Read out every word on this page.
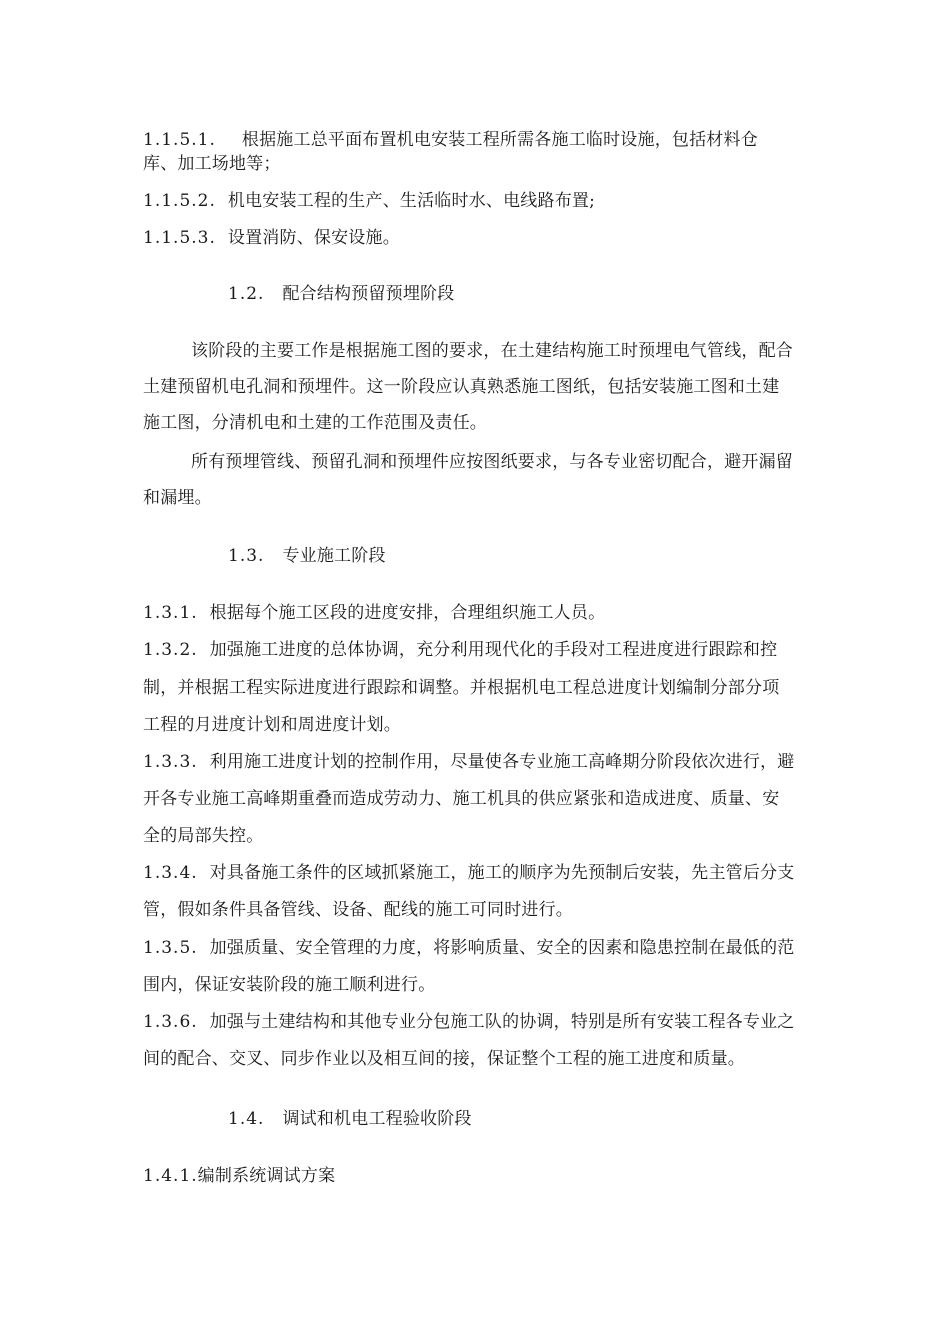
1.1.5.1. 根据施工总平面布置机电安装工程所需各施工临时设施，包括材料仓
库、加工场地等；
1.1.5.2. 机电安装工程的生产、生活临时水、电线路布置;
1.1.5.3. 设置消防、保安设施。
1.2. 配合结构预留预埋阶段
该阶段的主要工作是根据施工图的要求，在土建结构施工时预埋电气管线，配合
土建预留机电孔洞和预埋件。这一阶段应认真熟悉施工图纸，包括安装施工图和土建
施工图，分清机电和土建的工作范围及责任。
所有预埋管线、预留孔洞和预埋件应按图纸要求，与各专业密切配合，避开漏留
和漏埋。
1.3. 专业施工阶段
1.3.1. 根据每个施工区段的进度安排，合理组织施工人员。
1.3.2. 加强施工进度的总体协调，充分利用现代化的手段对工程进度进行跟踪和控
制，并根据工程实际进度进行跟踪和调整。并根据机电工程总进度计划编制分部分项
工程的月进度计划和周进度计划。
1.3.3. 利用施工进度计划的控制作用，尽量使各专业施工高峰期分阶段依次进行，避
开各专业施工高峰期重叠而造成劳动力、施工机具的供应紧张和造成进度、质量、安
全的局部失控。
1.3.4. 对具备施工条件的区域抓紧施工，施工的顺序为先预制后安装，先主管后分支
管，假如条件具备管线、设备、配线的施工可同时进行。
1.3.5. 加强质量、安全管理的力度，将影响质量、安全的因素和隐患控制在最低的范
围内，保证安装阶段的施工顺利进行。
1.3.6. 加强与土建结构和其他专业分包施工队的协调，特别是所有安装工程各专业之
间的配合、交叉、同步作业以及相互间的接，保证整个工程的施工进度和质量。
1.4. 调试和机电工程验收阶段
1.4.1.编制系统调试方案
